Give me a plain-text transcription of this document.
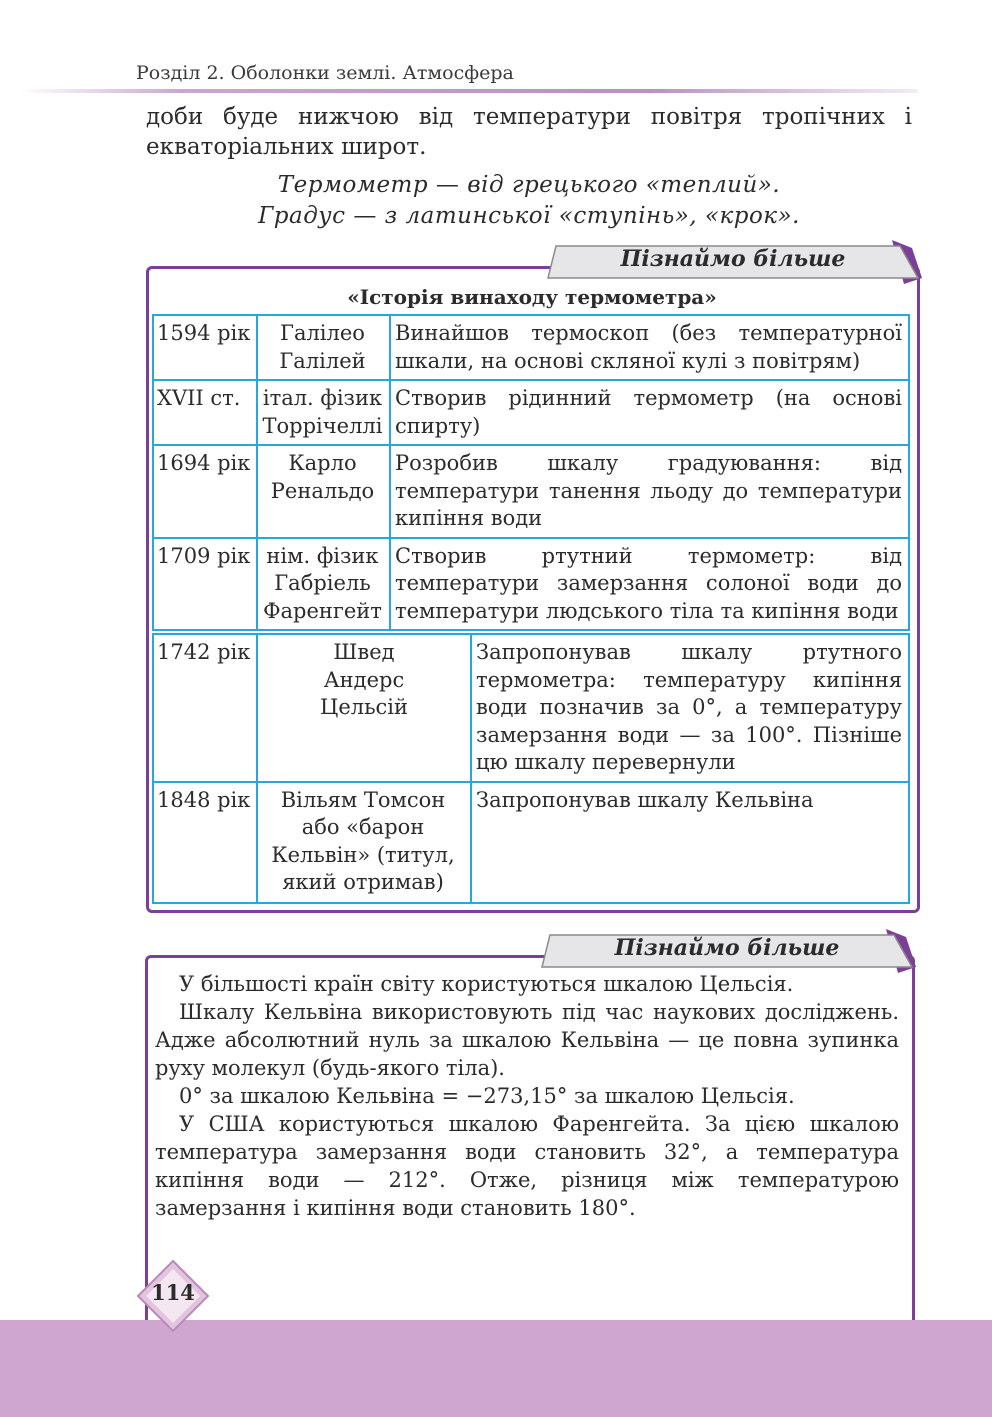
Розділ 2. Оболонки землі. Атмосфера
доби буде нижчою від температури повітря тропічних і екваторіальних широт.
Термометр — від грецького «теплий».
Градус — з латинської «ступінь», «крок».
Пізнаймо більше
«Історія винаходу термометра»
1594 рік	Галілео Галілей	Винайшов термоскоп (без температурної шкали, на основі скляної кулі з повітрям)
XVII ст.	італ. фізик Торрічеллі	Створив рідинний термометр (на основі спирту)
1694 рік	Карло Ренальдо	Розробив шкалу градуювання: від температури танення льоду до температури кипіння води
1709 рік	нім. фізик Габріель Фаренгейт	Створив ртутний термометр: від температури замерзання солоної води до температури людського тіла та кипіння води
1742 рік	Швед Андерс Цельсій	Запропонував шкалу ртутного термометра: температуру кипіння води позначив за 0°, а температуру замерзання води — за 100°. Пізніше цю шкалу перевернули
1848 рік	Вільям Томсон або «барон Кельвін» (титул, який отримав)	Запропонував шкалу Кельвіна
Пізнаймо більше

У більшості країн світу користуються шкалою Цельсія.

Шкалу Кельвіна використовують під час наукових досліджень. Адже абсолютний нуль за шкалою Кельвіна — це повна зупинка руху молекул (будь-якого тіла).

0° за шкалою Кельвіна = −273,15° за шкалою Цельсія.

У США користуються шкалою Фаренгейта. За цією шкалою температура замерзання води становить 32°, а температура кипіння води — 212°. Отже, різниця між температурою замерзання і кипіння води становить 180°.

114
